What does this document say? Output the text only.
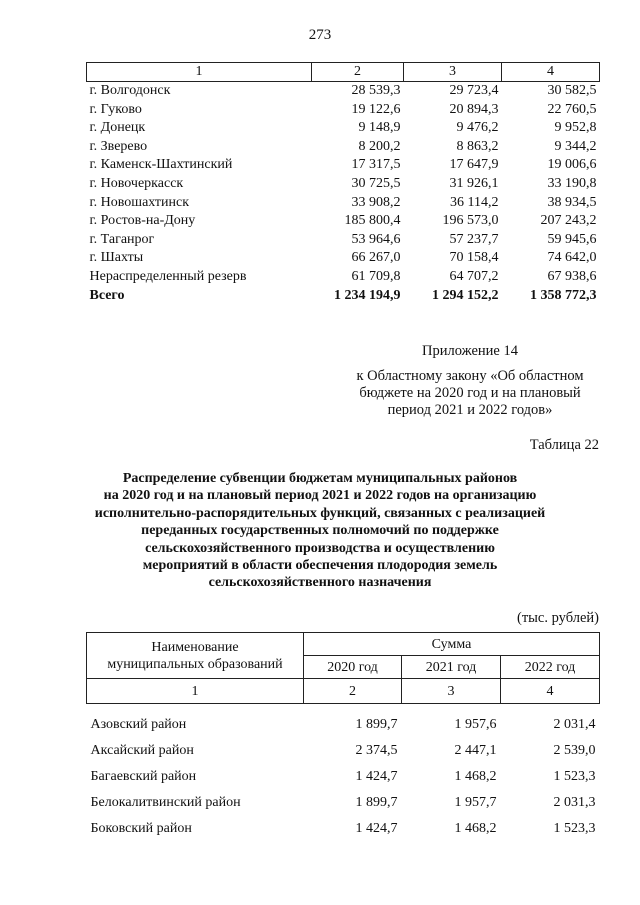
273
1	2	3	4
г. Волгодонск	28 539,3	29 723,4	30 582,5
г. Гуково	19 122,6	20 894,3	22 760,5
г. Донецк	9 148,9	9 476,2	9 952,8
г. Зверево	8 200,2	8 863,2	9 344,2
г. Каменск-Шахтинский	17 317,5	17 647,9	19 006,6
г. Новочеркасск	30 725,5	31 926,1	33 190,8
г. Новошахтинск	33 908,2	36 114,2	38 934,5
г. Ростов-на-Дону	185 800,4	196 573,0	207 243,2
г. Таганрог	53 964,6	57 237,7	59 945,6
г. Шахты	66 267,0	70 158,4	74 642,0
Нераспределенный резерв	61 709,8	64 707,2	67 938,6
Всего	1 234 194,9	1 294 152,2	1 358 772,3
Приложение 14
к Областному закону «Об областном
бюджете на 2020 год и на плановый
период 2021 и 2022 годов»
Таблица 22
Распределение субвенции бюджетам муниципальных районов
на 2020 год и на плановый период 2021 и 2022 годов на организацию
исполнительно-распорядительных функций, связанных с реализацией
переданных государственных полномочий по поддержке
сельскохозяйственного производства и осуществлению
мероприятий в области обеспечения плодородия земель
сельскохозяйственного назначения
(тыс. рублей)
Наименование
муниципальных образований	Сумма		
	2020 год	2021 год	2022 год
1	2	3	4

Азовский район	1 899,7	1 957,6	2 031,4
Аксайский район	2 374,5	2 447,1	2 539,0
Багаевский район	1 424,7	1 468,2	1 523,3
Белокалитвинский район	1 899,7	1 957,7	2 031,3
Боковский район	1 424,7	1 468,2	1 523,3
